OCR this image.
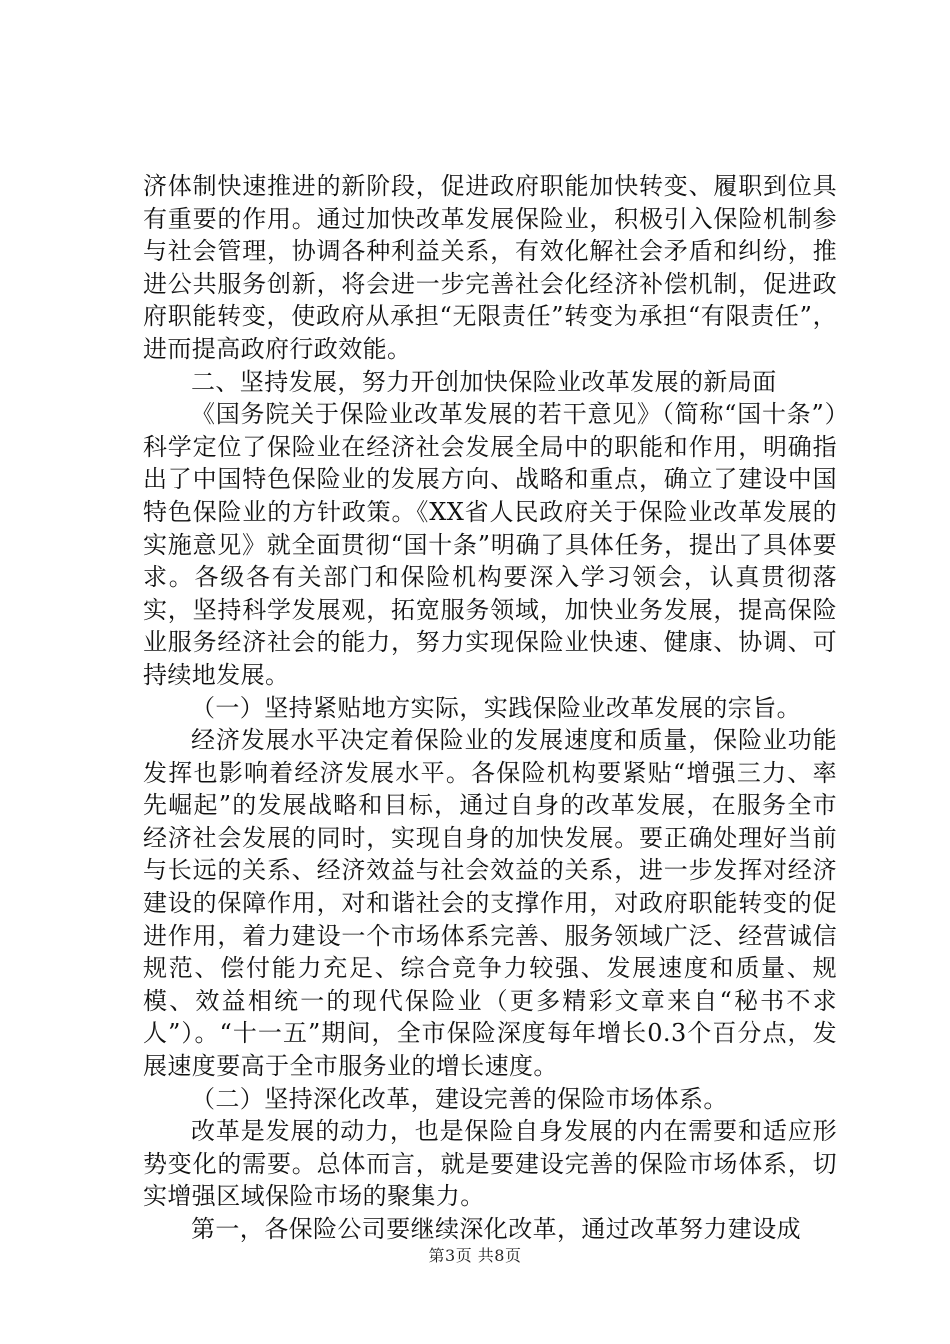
济体制快速推进的新阶段，促进政府职能加快转变、履职到位具有重要的作用。通过加快改革发展保险业，积极引入保险机制参与社会管理，协调各种利益关系，有效化解社会矛盾和纠纷，推进公共服务创新，将会进一步完善社会化经济补偿机制，促进政府职能转变，使政府从承担“无限责任”转变为承担“有限责任”，进而提高政府行政效能。

二、坚持发展，努力开创加快保险业改革发展的新局面

《国务院关于保险业改革发展的若干意见》（简称“国十条”）科学定位了保险业在经济社会发展全局中的职能和作用，明确指出了中国特色保险业的发展方向、战略和重点，确立了建设中国特色保险业的方针政策。《XX省人民政府关于保险业改革发展的实施意见》就全面贯彻“国十条”明确了具体任务，提出了具体要求。各级各有关部门和保险机构要深入学习领会，认真贯彻落实，坚持科学发展观，拓宽服务领域，加快业务发展，提高保险业服务经济社会的能力，努力实现保险业快速、健康、协调、可持续地发展。

（一）坚持紧贴地方实际，实践保险业改革发展的宗旨。

经济发展水平决定着保险业的发展速度和质量，保险业功能发挥也影响着经济发展水平。各保险机构要紧贴“增强三力、率先崛起”的发展战略和目标，通过自身的改革发展，在服务全市经济社会发展的同时，实现自身的加快发展。要正确处理好当前与长远的关系、经济效益与社会效益的关系，进一步发挥对经济建设的保障作用，对和谐社会的支撑作用，对政府职能转变的促进作用，着力建设一个市场体系完善、服务领域广泛、经营诚信规范、偿付能力充足、综合竞争力较强、发展速度和质量、规模、效益相统一的现代保险业（更多精彩文章来自“秘书不求人”）。“十一五”期间，全市保险深度每年增长0.3个百分点，发展速度要高于全市服务业的增长速度。

（二）坚持深化改革，建设完善的保险市场体系。

改革是发展的动力，也是保险自身发展的内在需要和适应形势变化的需要。总体而言，就是要建设完善的保险市场体系，切实增强区域保险市场的聚集力。

第一，各保险公司要继续深化改革，通过改革努力建设成

第3页 共8页
